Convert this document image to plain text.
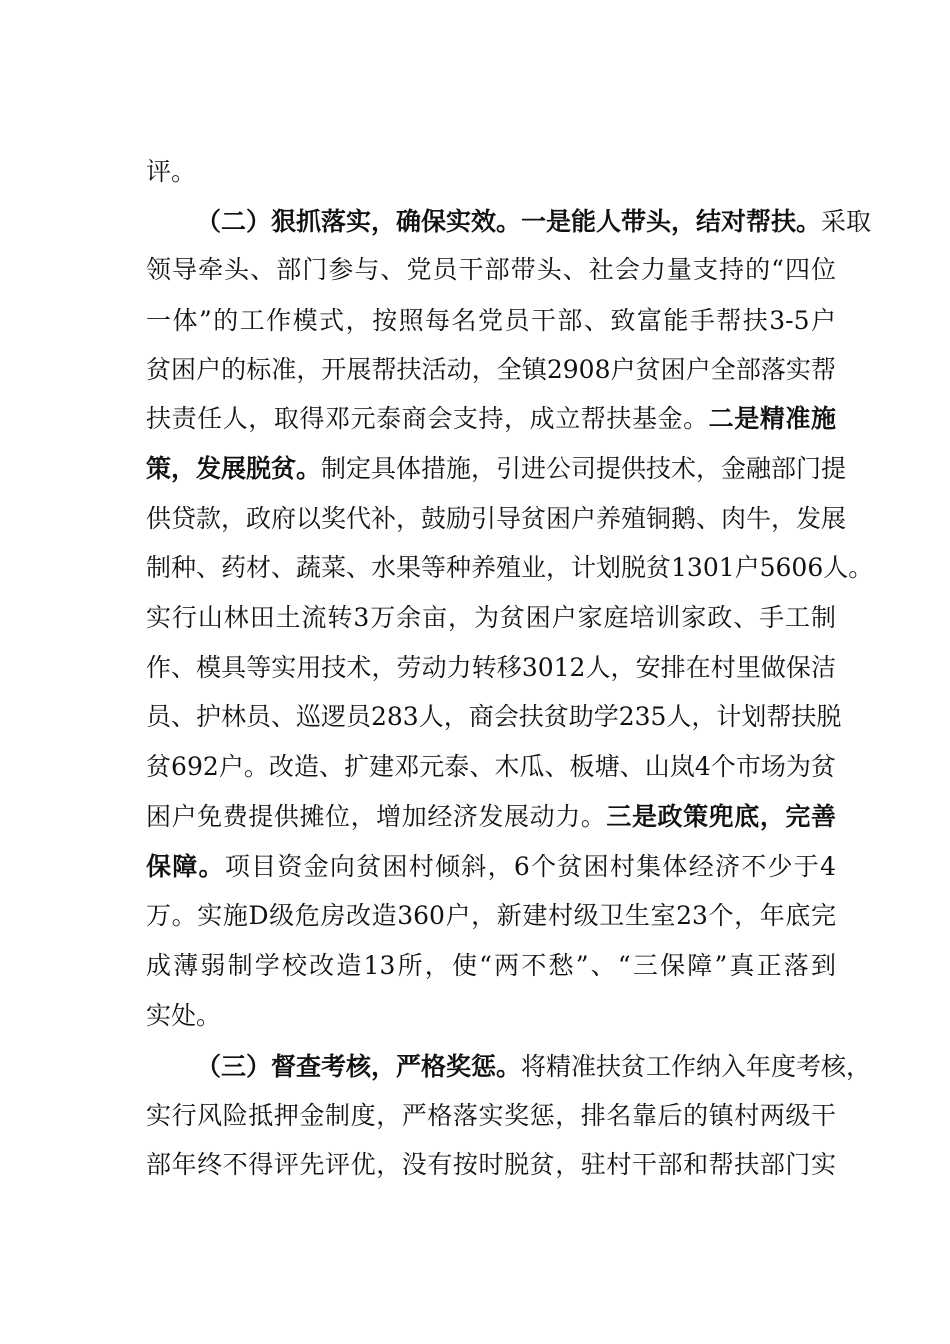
评。
（二）狠抓落实，确保实效。一是能人带头，结对帮扶。采取
领导牵头、部门参与、党员干部带头、社会力量支持的“四位
一体”的工作模式，按照每名党员干部、致富能手帮扶3-5户
贫困户的标准，开展帮扶活动，全镇2908户贫困户全部落实帮
扶责任人，取得邓元泰商会支持，成立帮扶基金。二是精准施
策，发展脱贫。制定具体措施，引进公司提供技术，金融部门提
供贷款，政府以奖代补，鼓励引导贫困户养殖铜鹅、肉牛，发展
制种、药材、蔬菜、水果等种养殖业，计划脱贫1301户5606人。
实行山林田土流转3万余亩，为贫困户家庭培训家政、手工制
作、模具等实用技术，劳动力转移3012人，安排在村里做保洁
员、护林员、巡逻员283人，商会扶贫助学235人，计划帮扶脱
贫692户。改造、扩建邓元泰、木瓜、板塘、山岚4个市场为贫
困户免费提供摊位，增加经济发展动力。三是政策兜底，完善
保障。项目资金向贫困村倾斜，6个贫困村集体经济不少于4
万。实施D级危房改造360户，新建村级卫生室23个，年底完
成薄弱制学校改造13所，使“两不愁”、“三保障”真正落到
实处。
（三）督查考核，严格奖惩。将精准扶贫工作纳入年度考核，
实行风险抵押金制度，严格落实奖惩，排名靠后的镇村两级干
部年终不得评先评优，没有按时脱贫，驻村干部和帮扶部门实
